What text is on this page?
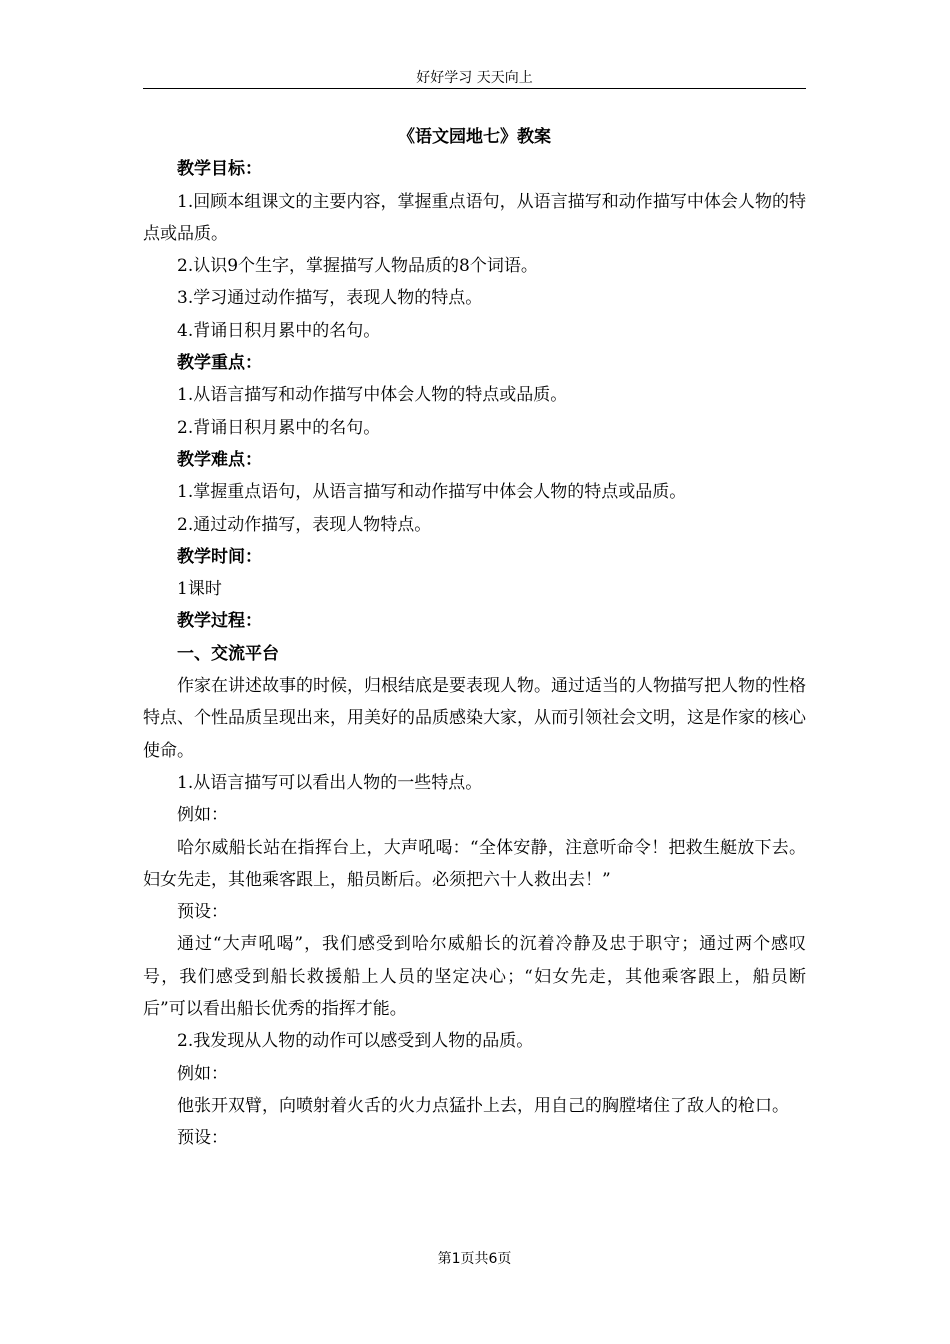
好好学习 天天向上

《语文园地七》教案

教学目标：

1.回顾本组课文的主要内容，掌握重点语句，从语言描写和动作描写中体会人物的特点或品质。

2.认识9个生字，掌握描写人物品质的8个词语。

3.学习通过动作描写，表现人物的特点。

4.背诵日积月累中的名句。

教学重点：

1.从语言描写和动作描写中体会人物的特点或品质。

2.背诵日积月累中的名句。

教学难点：

1.掌握重点语句，从语言描写和动作描写中体会人物的特点或品质。

2.通过动作描写，表现人物特点。

教学时间：

1课时

教学过程：

一、交流平台

作家在讲述故事的时候，归根结底是要表现人物。通过适当的人物描写把人物的性格特点、个性品质呈现出来，用美好的品质感染大家，从而引领社会文明，这是作家的核心使命。

1.从语言描写可以看出人物的一些特点。

例如：

哈尔威船长站在指挥台上，大声吼喝：“全体安静，注意听命令！把救生艇放下去。妇女先走，其他乘客跟上，船员断后。必须把六十人救出去！”

预设：

通过“大声吼喝”，我们感受到哈尔威船长的沉着冷静及忠于职守；通过两个感叹号，我们感受到船长救援船上人员的坚定决心；“妇女先走，其他乘客跟上，船员断后”可以看出船长优秀的指挥才能。

2.我发现从人物的动作可以感受到人物的品质。

例如：

他张开双臂，向喷射着火舌的火力点猛扑上去，用自己的胸膛堵住了敌人的枪口。

预设：

第1页共6页
